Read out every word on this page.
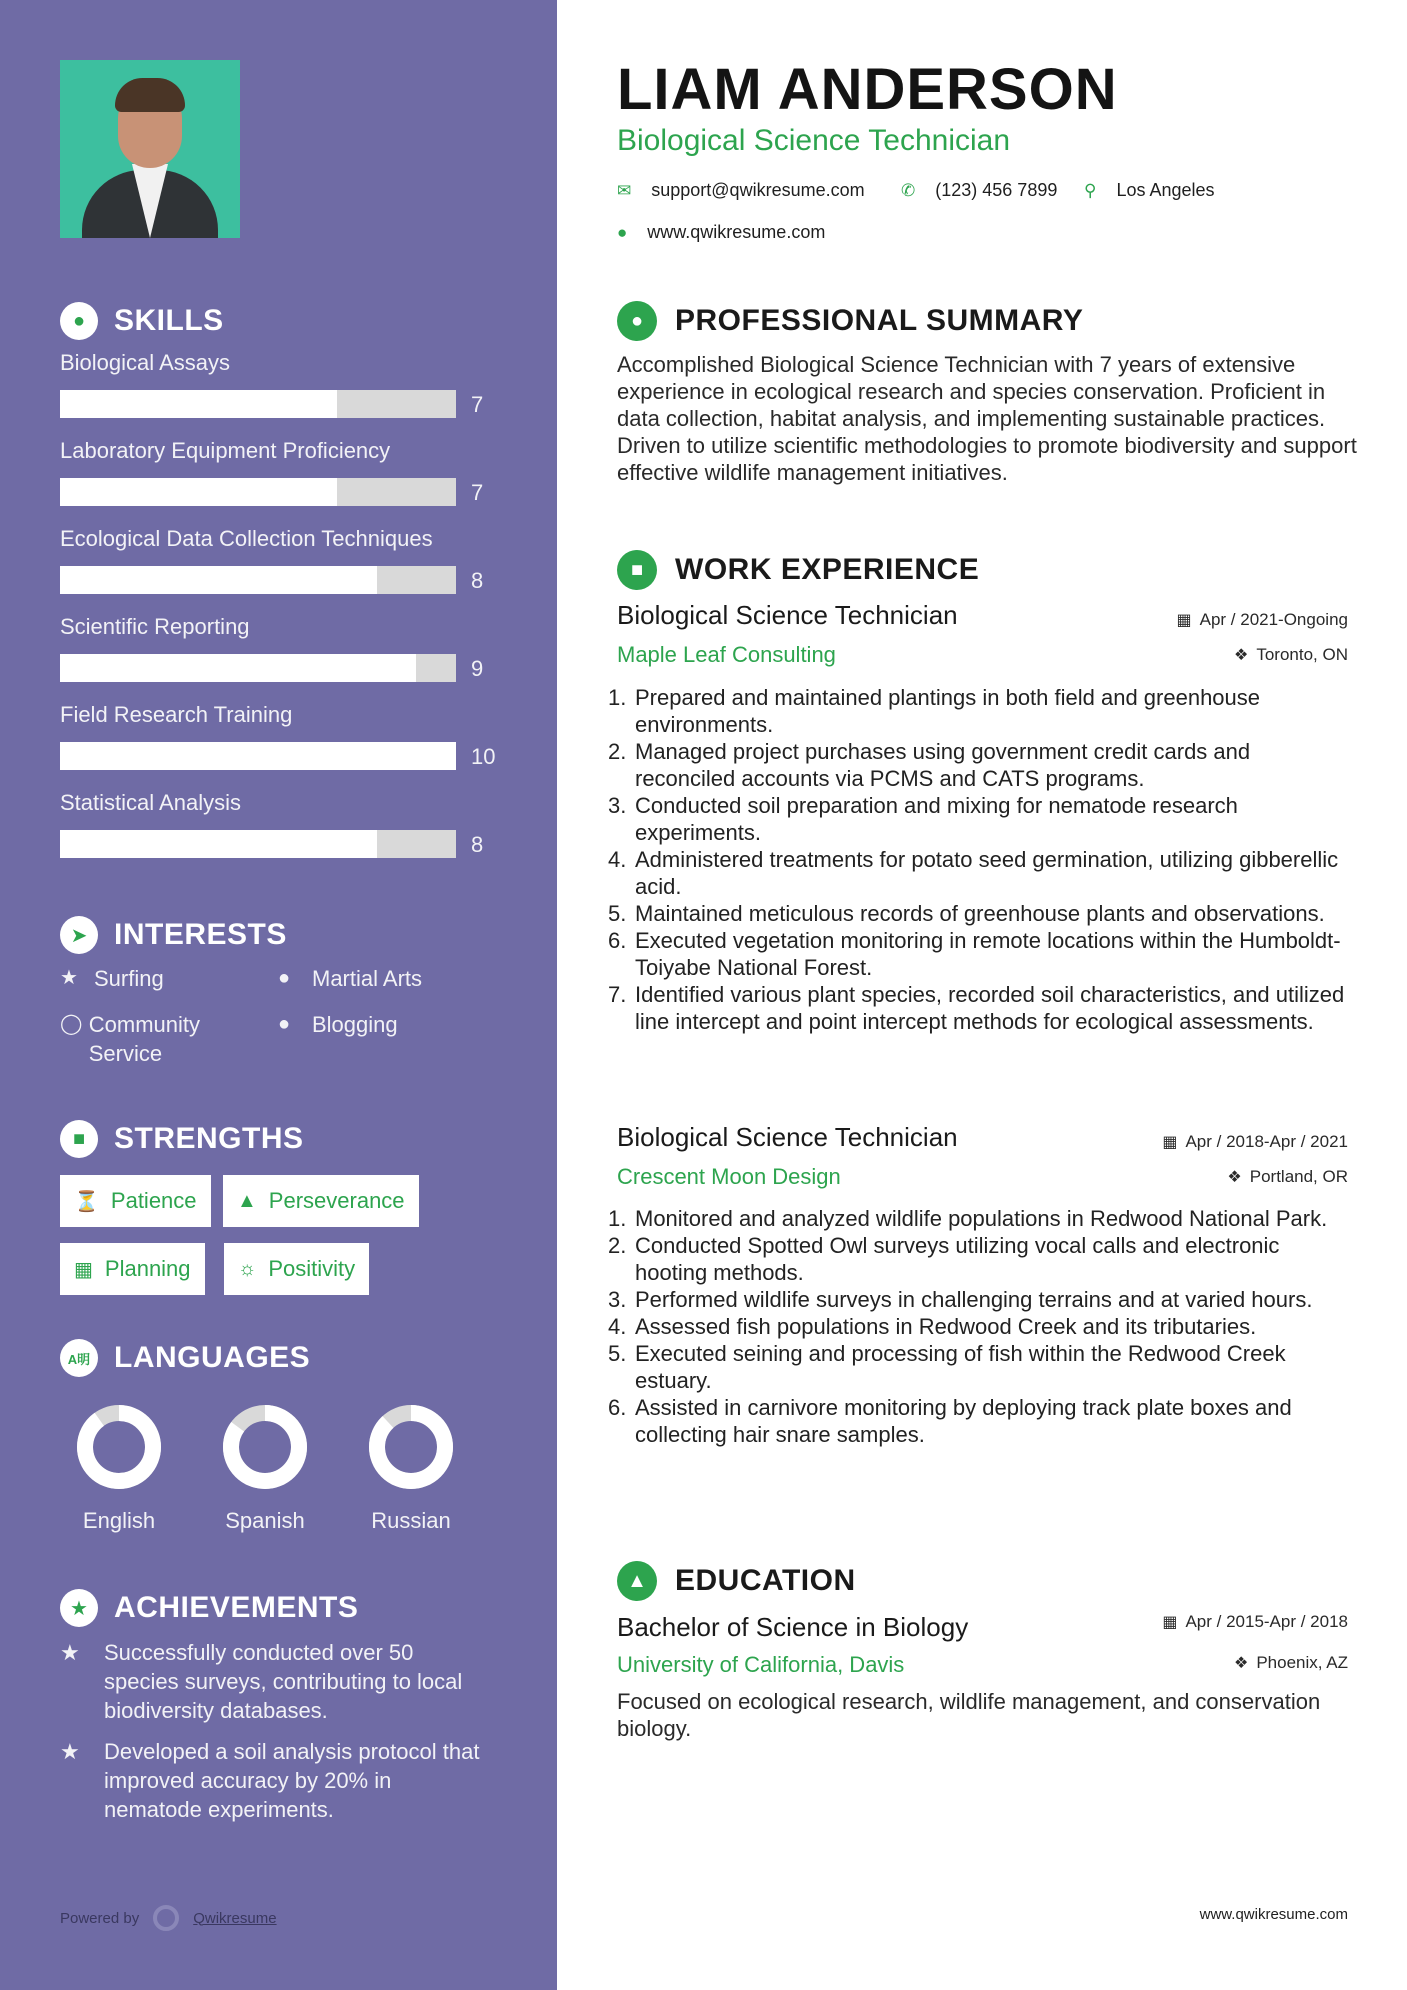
● SKILLS
Biological Assays
7
Laboratory Equipment Proficiency
7
Ecological Data Collection Techniques
8
Scientific Reporting
9
Field Research Training
10
Statistical Analysis
8
➤ INTERESTS
★ Surfing	● Martial Arts
◯ Community Service
● Blogging
■ STRENGTHS
⏳ Patience ▲ Perseverance
▦ Planning ☼ Positivity
A明 LANGUAGES
English	Spanish	Russian
★ ACHIEVEMENTS
★	Successfully conducted over 50 species surveys, contributing to local biodiversity databases.
★	Developed a soil analysis protocol that improved accuracy by 20% in nematode experiments.
Powered by	Qwikresume
LIAM ANDERSON
Biological Science Technician
✉ support@qwikresume.com ✆ (123) 456 7899 ⚲ Los Angeles
● www.qwikresume.com
●	PROFESSIONAL SUMMARY
Accomplished Biological Science Technician with 7 years of extensive experience in ecological research and species conservation. Proficient in data collection, habitat analysis, and implementing sustainable practices. Driven to utilize scientific methodologies to promote biodiversity and support effective wildlife management initiatives.
■	WORK EXPERIENCE
Biological Science Technician
Maple Leaf Consulting
▦ Apr / 2021-Ongoing
❖ Toronto, ON
1. Prepared and maintained plantings in both field and greenhouse environments.
2. Managed project purchases using government credit cards and reconciled accounts via PCMS and CATS programs.
3. Conducted soil preparation and mixing for nematode research experiments.
4. Administered treatments for potato seed germination, utilizing gibberellic acid.
5. Maintained meticulous records of greenhouse plants and observations.
6. Executed vegetation monitoring in remote locations within the Humboldt-Toiyabe National Forest.
7. Identified various plant species, recorded soil characteristics, and utilized line intercept and point intercept methods for ecological assessments.
Biological Science Technician
Crescent Moon Design
▦ Apr / 2018-Apr / 2021
❖ Portland, OR
1. Monitored and analyzed wildlife populations in Redwood National Park.
2. Conducted Spotted Owl surveys utilizing vocal calls and electronic hooting methods.
3. Performed wildlife surveys in challenging terrains and at varied hours.
4. Assessed fish populations in Redwood Creek and its tributaries.
5. Executed seining and processing of fish within the Redwood Creek estuary.
6. Assisted in carnivore monitoring by deploying track plate boxes and collecting hair snare samples.
▲ EDUCATION
Bachelor of Science in Biology
University of California, Davis
▦ Apr / 2015-Apr / 2018
❖ Phoenix, AZ
Focused on ecological research, wildlife management, and conservation biology.
www.qwikresume.com
